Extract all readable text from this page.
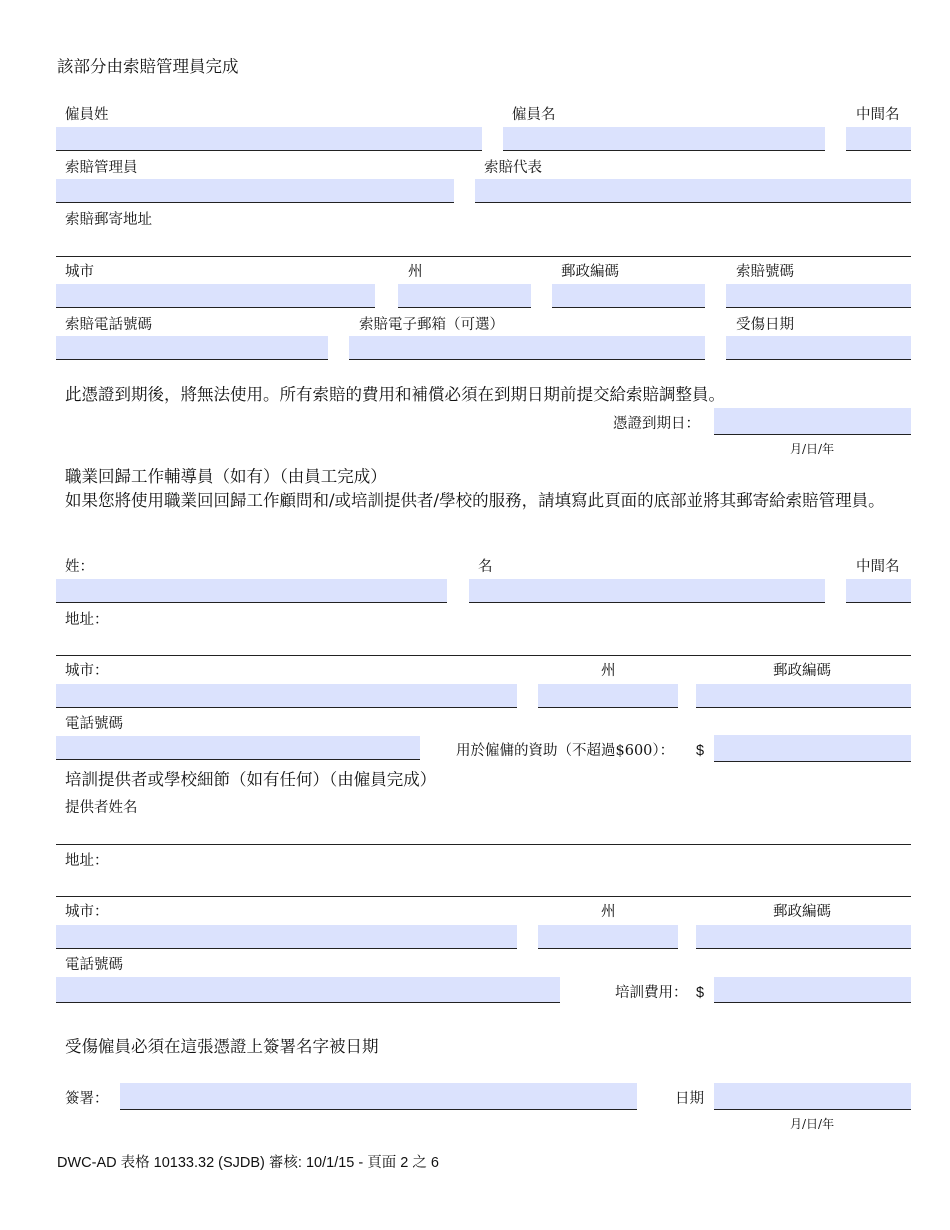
該部分由索賠管理員完成
僱員姓	僱員名	中間名
索賠管理員	索賠代表
索賠郵寄地址
城市	州	郵政編碼	索賠號碼
索賠電話號碼	索賠電子郵箱（可選）	受傷日期
此憑證到期後，將無法使用。所有索賠的費用和補償必須在到期日期前提交給索賠調整員。
憑證到期日：
月/日/年
職業回歸工作輔導員（如有）（由員工完成）
如果您將使用職業回回歸工作顧問和/或培訓提供者/學校的服務，請填寫此頁面的底部並將其郵寄給索賠管理員。
姓：	名	中間名
地址：
城市：	州	郵政編碼
電話號碼
用於僱傭的資助（不超過$600）： $
培訓提供者或學校細節（如有任何）（由僱員完成）
提供者姓名
地址：
城市：	州	郵政編碼
電話號碼
培訓費用： $
受傷僱員必須在這張憑證上簽署名字被日期
簽署：	日期
月/日/年
DWC-AD 表格 10133.32 (SJDB) 審核: 10/1/15 - 頁面 2 之 6
